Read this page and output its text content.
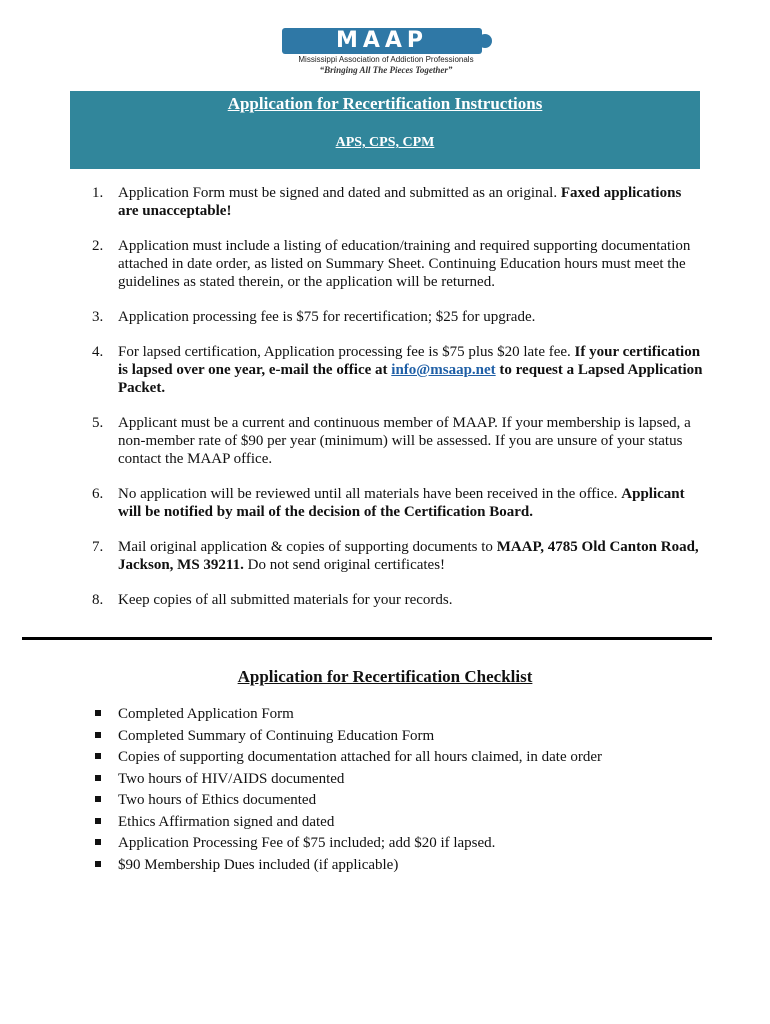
MAAP
Mississippi Association of Addiction Professionals
“Bringing All The Pieces Together”
Application for Recertification Instructions
APS, CPS, CPM
1. Application Form must be signed and dated and submitted as an original. Faxed applications are unacceptable!
2. Application must include a listing of education/training and required supporting documentation attached in date order, as listed on Summary Sheet. Continuing Education hours must meet the guidelines as stated therein, or the application will be returned.
3. Application processing fee is $75 for recertification; $25 for upgrade.
4. For lapsed certification, Application processing fee is $75 plus $20 late fee. If your certification is lapsed over one year, e-mail the office at info@msaap.net to request a Lapsed Application Packet.
5. Applicant must be a current and continuous member of MAAP. If your membership is lapsed, a non-member rate of $90 per year (minimum) will be assessed. If you are unsure of your status contact the MAAP office.
6. No application will be reviewed until all materials have been received in the office. Applicant will be notified by mail of the decision of the Certification Board.
7. Mail original application & copies of supporting documents to MAAP, 4785 Old Canton Road, Jackson, MS 39211. Do not send original certificates!
8. Keep copies of all submitted materials for your records.
Application for Recertification Checklist
Completed Application Form
Completed Summary of Continuing Education Form
Copies of supporting documentation attached for all hours claimed, in date order
Two hours of HIV/AIDS documented
Two hours of Ethics documented
Ethics Affirmation signed and dated
Application Processing Fee of $75 included; add $20 if lapsed.
$90 Membership Dues included (if applicable)
